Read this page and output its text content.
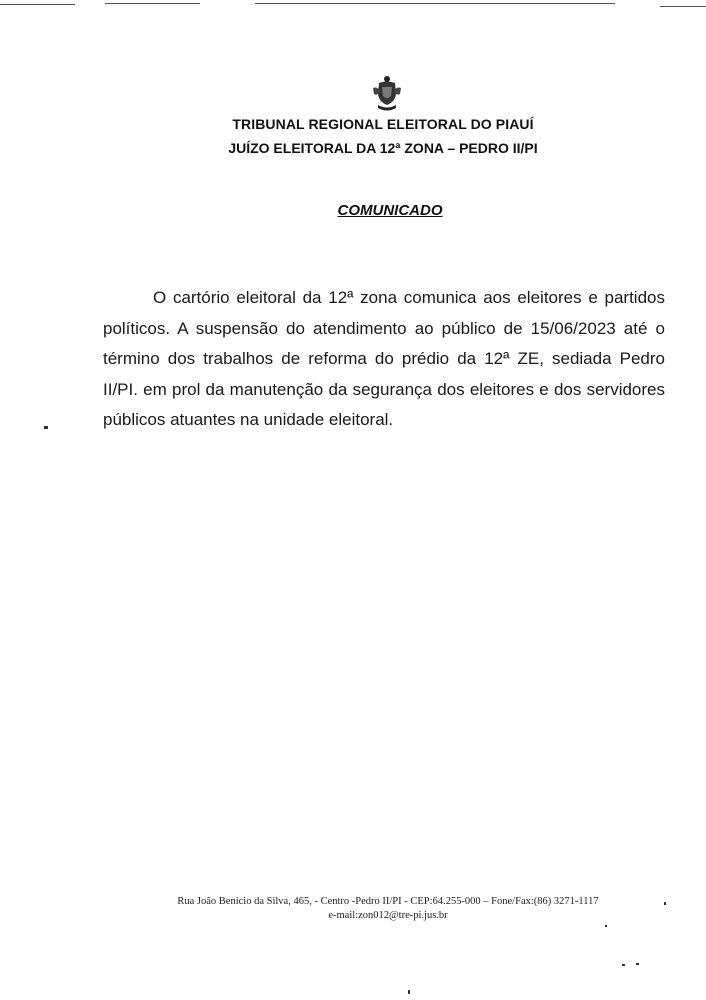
TRIBUNAL REGIONAL ELEITORAL DO PIAUÍ
JUÍZO ELEITORAL DA 12ª ZONA – PEDRO II/PI
COMUNICADO

O cartório eleitoral da 12ª zona comunica aos eleitores e partidos políticos. A suspensão do atendimento ao público de 15/06/2023 até o término dos trabalhos de reforma do prédio da 12ª ZE, sediada Pedro II/PI. em prol da manutenção da segurança dos eleitores e dos servidores públicos atuantes na unidade eleitoral.

Rua João Benicio da Silva, 465, - Centro -Pedro II/PI - CEP:64.255-000 – Fone/Fax:(86) 3271-1117
e-mail:zon012@tre-pi.jus.br
